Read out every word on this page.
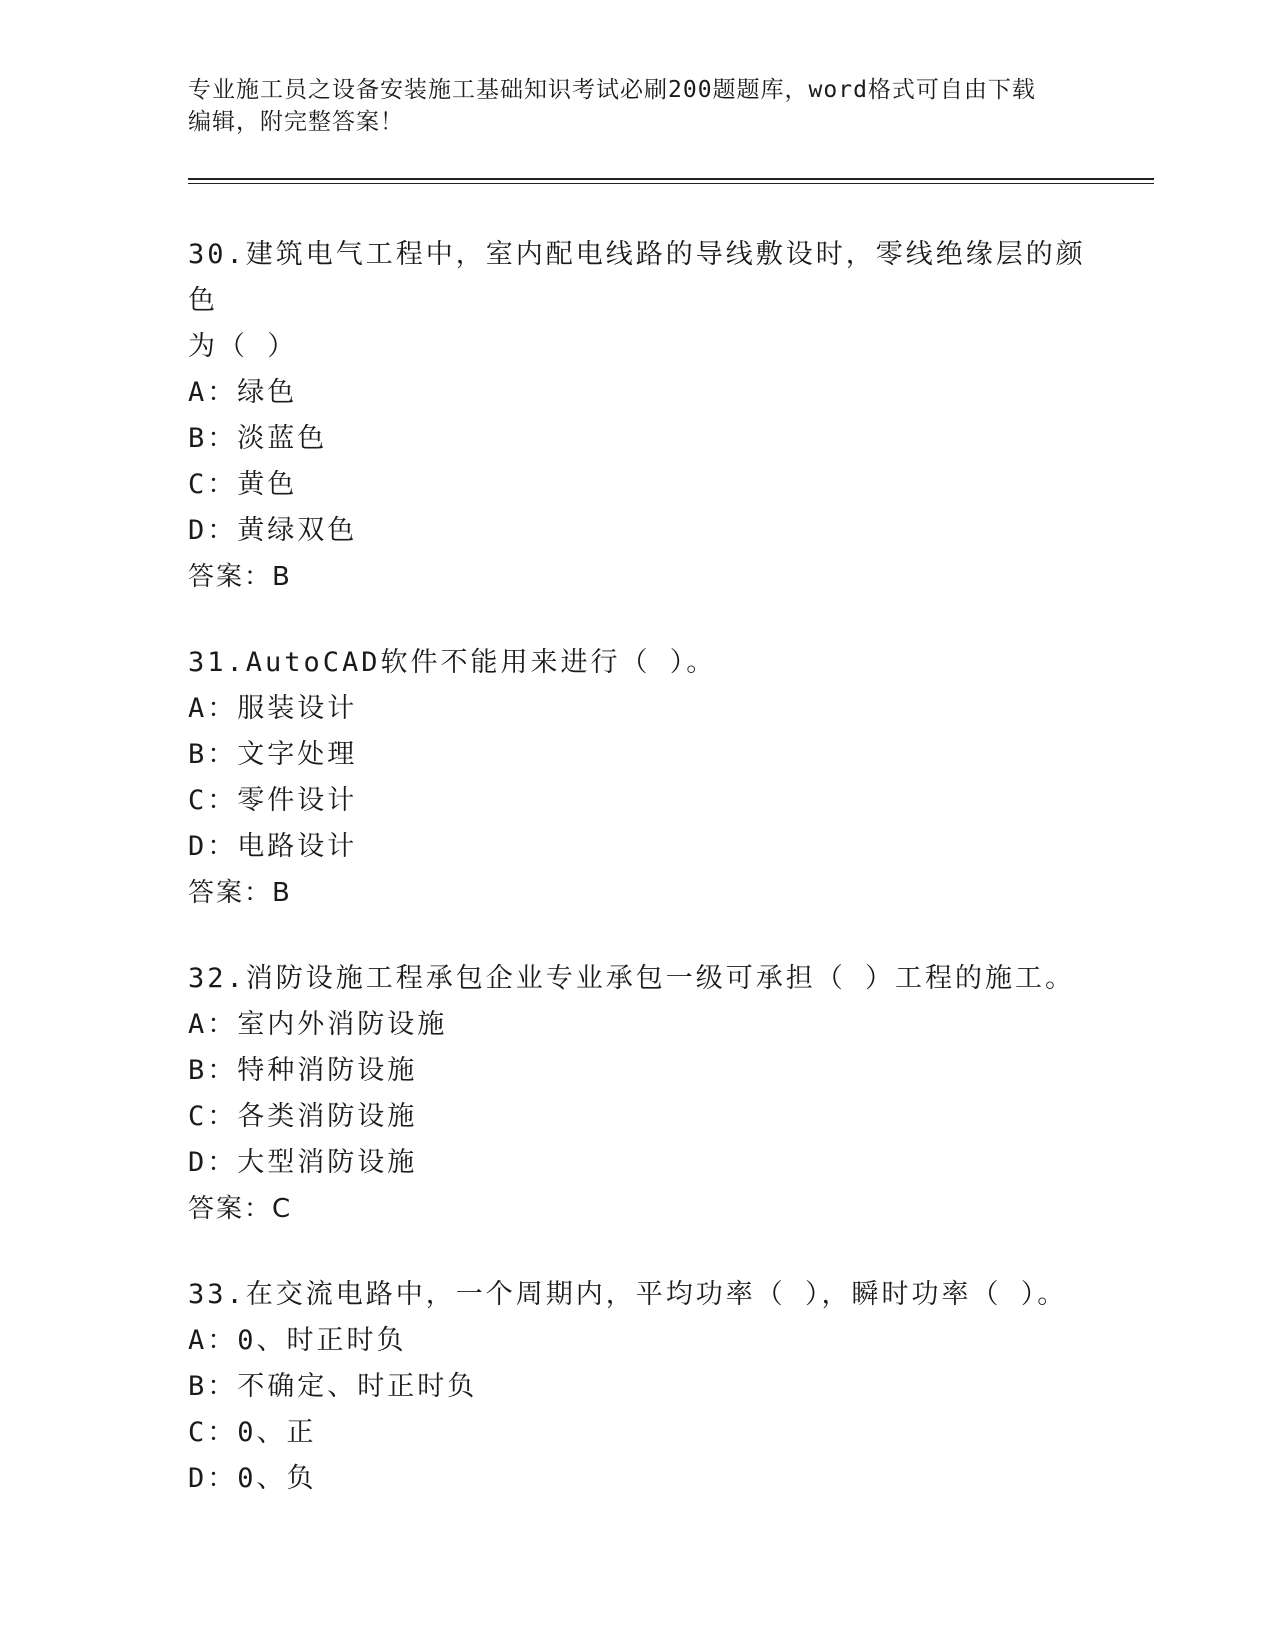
专业施工员之设备安装施工基础知识考试必刷200题题库，word格式可自由下载
编辑，附完整答案！

30.建筑电气工程中，室内配电线路的导线敷设时，零线绝缘层的颜色

为（ ）

A：绿色

B：淡蓝色

C：黄色

D：黄绿双色

答案：B

31.AutoCAD软件不能用来进行（ ）。

A：服装设计

B：文字处理

C：零件设计

D：电路设计

答案：B

32.消防设施工程承包企业专业承包一级可承担（ ）工程的施工。

A：室内外消防设施

B：特种消防设施

C：各类消防设施

D：大型消防设施

答案：C

33.在交流电路中，一个周期内，平均功率（ ），瞬时功率（ ）。

A：0、时正时负

B：不确定、时正时负

C：0、正

D：0、负
